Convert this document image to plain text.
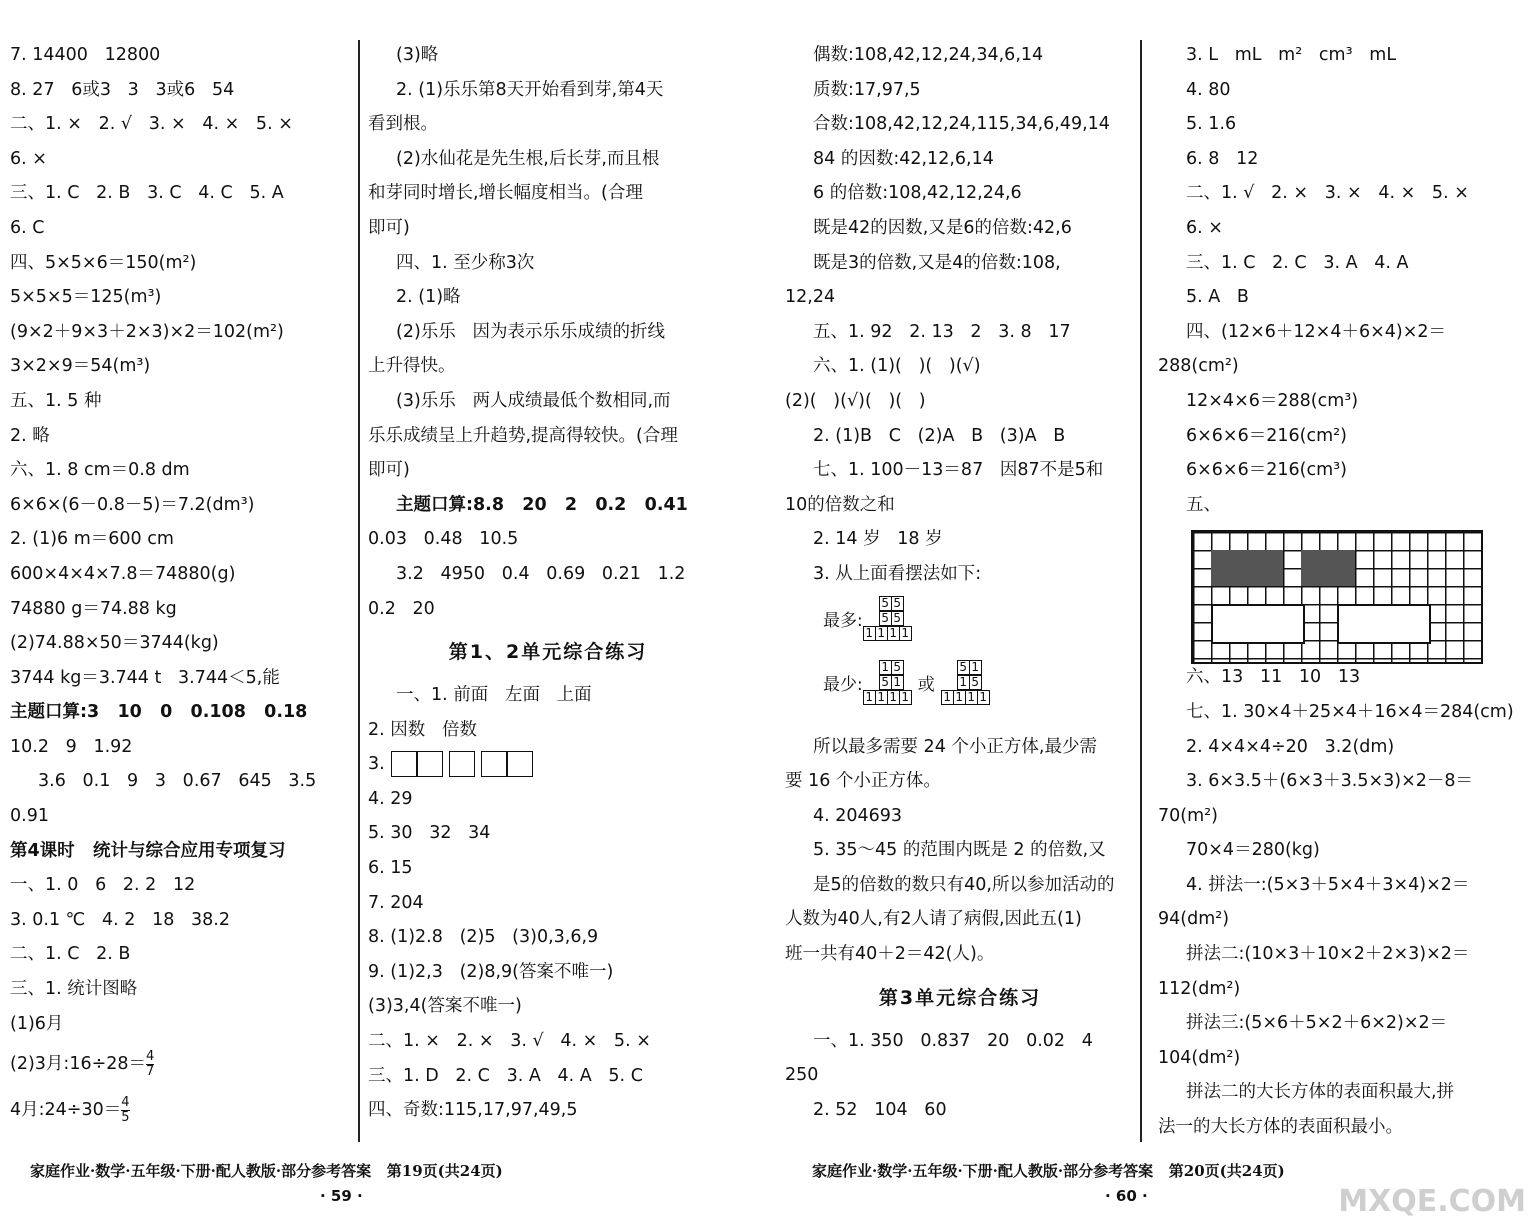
7. 14400   12800
8. 27   6或3   3   3或6   54
二、1. ×   2. √   3. ×   4. ×   5. ×
6. ×
三、1. C   2. B   3. C   4. C   5. A
6. C
四、5×5×6＝150(m²)
5×5×5＝125(m³)
(9×2＋9×3＋2×3)×2＝102(m²)
3×2×9＝54(m³)
五、1. 5 种
2. 略
六、1. 8 cm＝0.8 dm
6×6×(6－0.8－5)＝7.2(dm³)
2. (1)6 m＝600 cm
600×4×4×7.8＝74880(g)
74880 g＝74.88 kg
(2)74.88×50＝3744(kg)
3744 kg＝3.744 t   3.744＜5,能
主题口算:3   10   0   0.108   0.18
10.2   9   1.92
3.6   0.1   9   3   0.67   645   3.5
0.91
第4课时   统计与综合应用专项复习
一、1. 0   6   2. 2   12
3. 0.1 ℃   4. 2   18   38.2
二、1. C   2. B
三、1. 统计图略
(1)6月
(2)3月:16÷28＝ $\frac{4}{7}$
4月:24÷30＝ $\frac{4}{5}$
(3)略
2. (1)乐乐第8天开始看到芽,第4天
看到根。
(2)水仙花是先生根,后长芽,而且根
和芽同时增长,增长幅度相当。(合理
即可)
四、1. 至少称3次
2. (1)略
(2)乐乐   因为表示乐乐成绩的折线
上升得快。
(3)乐乐   两人成绩最低个数相同,而
乐乐成绩呈上升趋势,提高得较快。(合理
即可)
主题口算:8.8   20   2   0.2   0.41
0.03   0.48   10.5
3.2   4950   0.4   0.69   0.21   1.2
0.2   20
第1、2单元综合练习
一、1. 前面   左面   上面
2. 因数   倍数
3.
4. 29
5. 30   32   34
6. 15
7. 204
8. (1)2.8   (2)5   (3)0,3,6,9
9. (1)2,3   (2)8,9(答案不唯一)
(3)3,4(答案不唯一)
二、1. ×   2. ×   3. √   4. ×   5. ×
三、1. D   2. C   3. A   4. A   5. C
四、奇数:115,17,97,49,5
偶数:108,42,12,24,34,6,14
质数:17,97,5
合数:108,42,12,24,115,34,6,49,14
84 的因数:42,12,6,14
6 的倍数:108,42,12,24,6
既是42的因数,又是6的倍数:42,6
既是3的倍数,又是4的倍数:108,
12,24
五、1. 92   2. 13   2   3. 8   17
六、1. (1)(   )(   )(√)
(2)(   )(√)(   )(   )
2. (1)B   C   (2)A   B   (3)A   B
七、1. 100－13＝87   因87不是5和
10的倍数之和
2. 14 岁   18 岁
3. 从上面看摆法如下:
最多:
5	5
5	5
1	1	1	1
最少:
1	5
5	1
1	1	1	1
或
5	1
1	5
1	1	1	1
所以最多需要 24 个小正方体,最少需
要 16 个小正方体。
4. 204693
5. 35～45 的范围内既是 2 的倍数,又
是5的倍数的数只有40,所以参加活动的
人数为40人,有2人请了病假,因此五(1)
班一共有40＋2＝42(人)。
第3单元综合练习
一、1. 350   0.837   20   0.02   4
250
2. 52   104   60
3. L   mL   m²   cm³   mL
4. 80
5. 1.6
6. 8   12
二、1. √   2. ×   3. ×   4. ×   5. ×
6. ×
三、1. C   2. C   3. A   4. A
5. A   B
四、(12×6＋12×4＋6×4)×2＝
288(cm²)
12×4×6＝288(cm³)
6×6×6＝216(cm²)
6×6×6＝216(cm³)
五、
六、13   11   10   13
七、1. 30×4＋25×4＋16×4＝284(cm)
2. 4×4×4÷20   3.2(dm)
3. 6×3.5＋(6×3＋3.5×3)×2－8＝
70(m²)
70×4＝280(kg)
4. 拼法一:(5×3＋5×4＋3×4)×2＝
94(dm²)
拼法二:(10×3＋10×2＋2×3)×2＝
112(dm²)
拼法三:(5×6＋5×2＋6×2)×2＝
104(dm²)
拼法二的大长方体的表面积最大,拼
法一的大长方体的表面积最小。
家庭作业·数学·五年级·下册·配人教版·部分参考答案   第19页(共24页)	家庭作业·数学·五年级·下册·配人教版·部分参考答案   第20页(共24页)
· 59 ·	· 60 ·	MXQE.COM
